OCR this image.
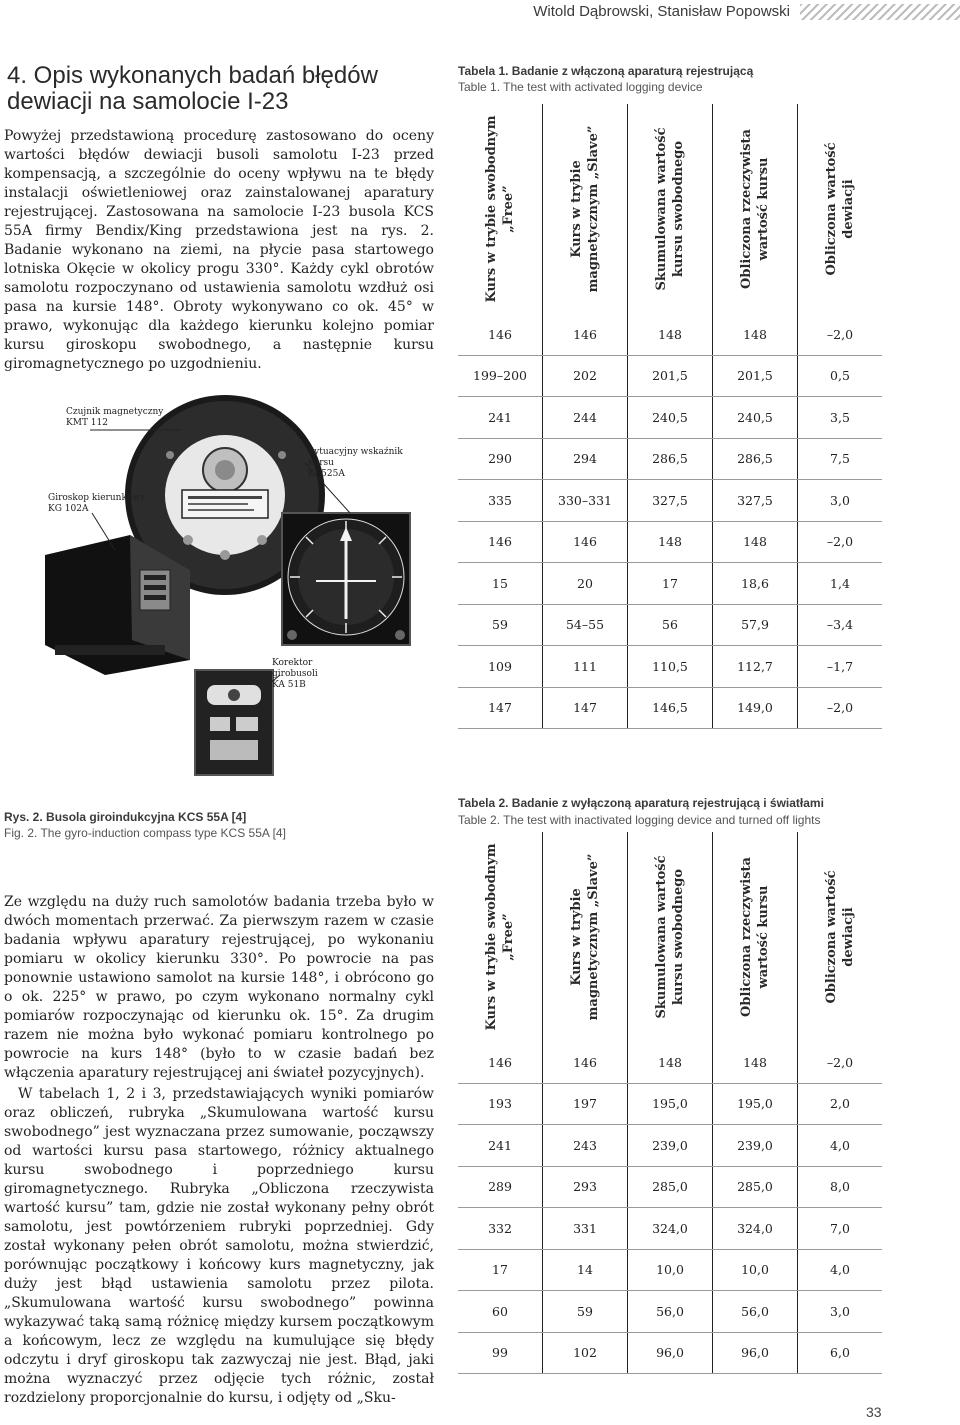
Witold Dąbrowski, Stanisław Popowski
4. Opis wykonanych badań błędów dewiacji na samolocie I-23

Powyżej przedstawioną procedurę zastosowano do oceny wartości błędów dewiacji busoli samolotu I-23 przed kompensacją, a szczególnie do oceny wpływu na te błędy instalacji oświetleniowej oraz zainstalowanej aparatury rejestrującej. Zastosowana na samolocie I-23 busola KCS 55A firmy Bendix/King przedstawiona jest na rys. 2. Badanie wykonano na ziemi, na płycie pasa startowego lotniska Okęcie w okolicy progu 330°. Każdy cykl obrotów samolotu rozpoczynano od ustawienia samolotu wzdłuż osi pasa na kursie 148°. Obroty wykonywano co ok. 45° w prawo, wykonując dla każdego kierunku kolejno pomiar kursu giroskopu swobodnego, a następnie kursu giromagnetycznego po uzgodnieniu.

Ze względu na duży ruch samolotów badania trzeba było w dwóch momentach przerwać. Za pierwszym razem w czasie badania wpływu aparatury rejestrującej, po wykonaniu pomiaru w okolicy kierunku 330°. Po powrocie na pas ponownie ustawiono samolot na kursie 148°, i obrócono go o ok. 225° w prawo, po czym wykonano normalny cykl pomiarów rozpoczynając od kierunku ok. 15°. Za drugim razem nie można było wykonać pomiaru kontrolnego po powrocie na kurs 148° (było to w czasie badań bez włączenia aparatury rejestrującej ani świateł pozycyjnych).

W tabelach 1, 2 i 3, przedstawiających wyniki pomiarów oraz obliczeń, rubryka „Skumulowana wartość kursu swobodnego” jest wyznaczana przez sumowanie, począwszy od wartości kursu pasa startowego, różnicy aktualnego kursu swobodnego i poprzedniego kursu giromagnetycznego. Rubryka „Obliczona rzeczywista wartość kursu” tam, gdzie nie został wykonany pełny obrót samolotu, jest powtórzeniem rubryki poprzedniej. Gdy został wykonany pełen obrót samolotu, można stwierdzić, porównując początkowy i końcowy kurs magnetyczny, jak duży jest błąd ustawienia samolotu przez pilota. „Skumulowana wartość kursu swobodnego” powinna wykazywać taką samą różnicę między kursem początkowym a końcowym, lecz ze względu na kumulujące się błędy odczytu i dryf giroskopu tak zazwyczaj nie jest. Błąd, jaki można wyznaczyć przez odjęcie tych różnic, został rozdzielony proporcjonalnie do kursu, i odjęty od „Sku-

Czujnik magnetyczny
KMT 112
Sytuacyjny wskaźnik
kursu
KI 525A
Giroskop kierunkowy
KG 102A
Korektor
girobusoli
KA 51B
Rys. 2. Busola giroindukcyjna KCS 55A [4]
Fig. 2. The gyro-induction compass type KCS 55A [4]
Tabela 1. Badanie z włączoną aparaturą rejestrującą
Table 1. The test with activated logging device
Kurs w trybie swobodnym „Free”	Kurs w trybie magnetycznym „Slave”	Skumulowana wartość kursu swobodnego	Obliczona rzeczywista wartość kursu	Obliczona wartość dewiacji

146	146	148	148	–2,0
199–200	202	201,5	201,5	0,5
241	244	240,5	240,5	3,5
290	294	286,5	286,5	7,5
335	330–331	327,5	327,5	3,0
146	146	148	148	–2,0
15	20	17	18,6	1,4
59	54–55	56	57,9	–3,4
109	111	110,5	112,7	–1,7
147	147	146,5	149,0	–2,0
Tabela 2. Badanie z wyłączoną aparaturą rejestrującą i światłami
Table 2. The test with inactivated logging device and turned off lights
Kurs w trybie swobodnym „Free”	Kurs w trybie magnetycznym „Slave”	Skumulowana wartość kursu swobodnego	Obliczona rzeczywista wartość kursu	Obliczona wartość dewiacji

146	146	148	148	–2,0
193	197	195,0	195,0	2,0
241	243	239,0	239,0	4,0
289	293	285,0	285,0	8,0
332	331	324,0	324,0	7,0
17	14	10,0	10,0	4,0
60	59	56,0	56,0	3,0
99	102	96,0	96,0	6,0
33
